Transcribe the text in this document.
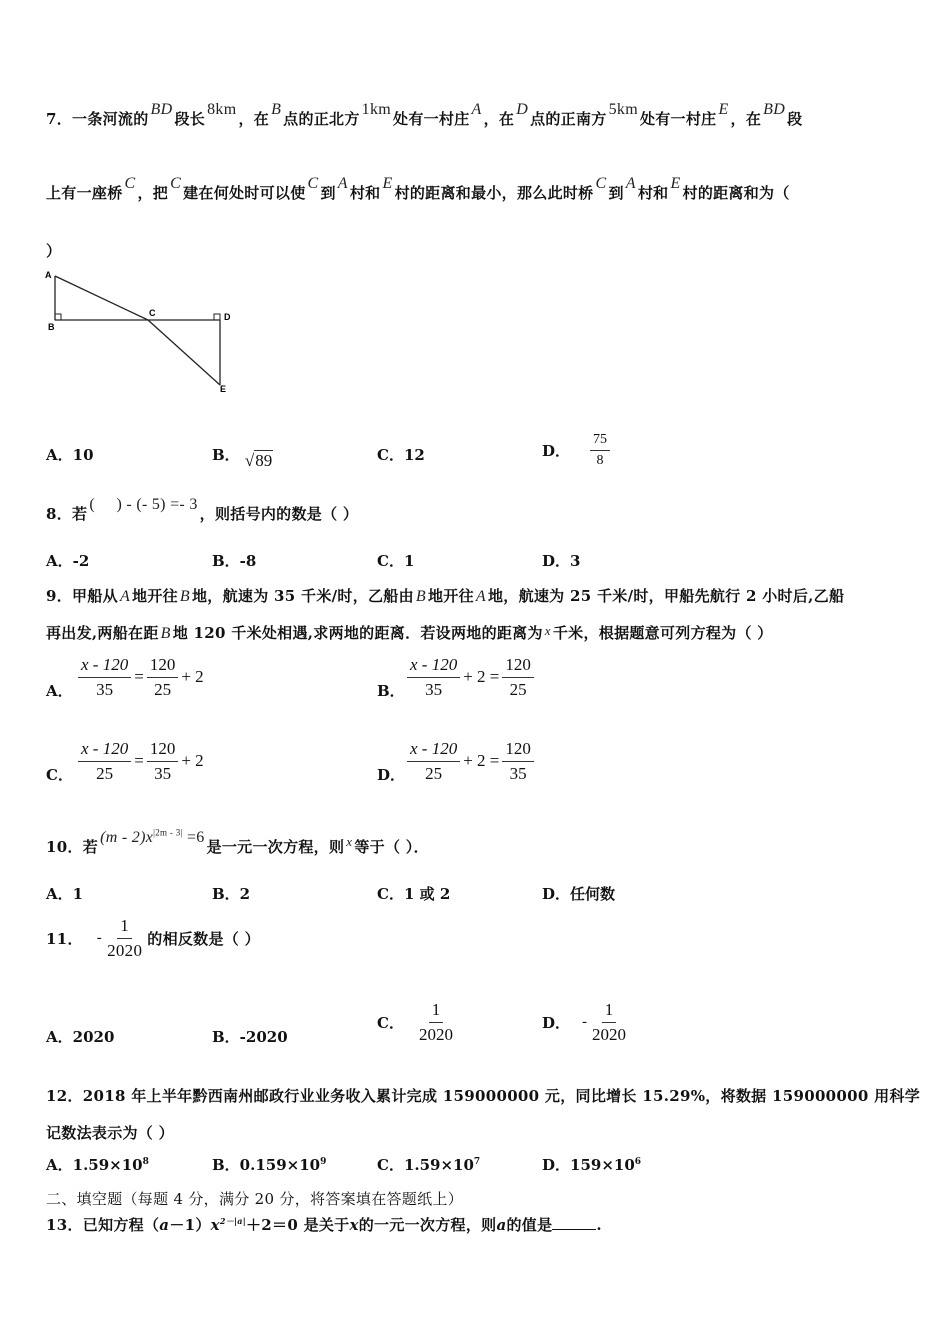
7．一条河流的BD段长8km，在B点的正北方1km处有一村庄A，在D点的正南方5km处有一村庄E，在BD段
上有一座桥C，把C建在何处时可以使C到A村和E村的距离和最小，那么此时桥C到A村和E村的距离和为（
）
A
B
C	D
E
A．10	B． √89	C．12	D． $\frac{75}{8}$
8．若(     ) - (- 5) =- 3，则括号内的数是（ ）
A．-2	B．-8	C．1	D．3
9．甲船从 A 地开往 B 地，航速为 35 千米/时，乙船由 B 地开往 A 地，航速为 25 千米/时，甲船先航行 2 小时后,乙船
再出发,两船在距 B 地 120 千米处相遇,求两地的距离．若设两地的距离为 x 千米，根据题意可列方程为（ ）
A． $\frac{x - 120}{35} = \frac{120}{25} + 2$
B． $\frac{x - 120}{35} + 2 = \frac{120}{25}$
C． $\frac{x - 120}{25} = \frac{120}{35} + 2$
D． $\frac{x - 120}{25} + 2 = \frac{120}{35}$
10．若$(m - 2)x^{|2m - 3|} =6$是一元一次方程，则 x 等于（ ）．
A．1	B．2	C．1 或 2	D．任何数
11． - $\frac{1}{2020}$ 的相反数是（ ）
A．2020	B．-2020
C． $\frac{1}{2020}$	D． - $\frac{1}{2020}$
12．2018 年上半年黔西南州邮政行业业务收入累计完成 159000000 元，同比增长 15.29%，将数据 159000000 用科学
记数法表示为（ ）
A．$1.59\times 10^8$	B．$0.159\times 10^9$	C．$1.59\times 10^7$	D．$159\times 10^6$
二、填空题（每题 4 分，满分 20 分，将答案填在答题纸上）
13．已知方程$(a-1)x^{2-|a|}+2=0$ 是关于x的一元一次方程，则a的值是	.
